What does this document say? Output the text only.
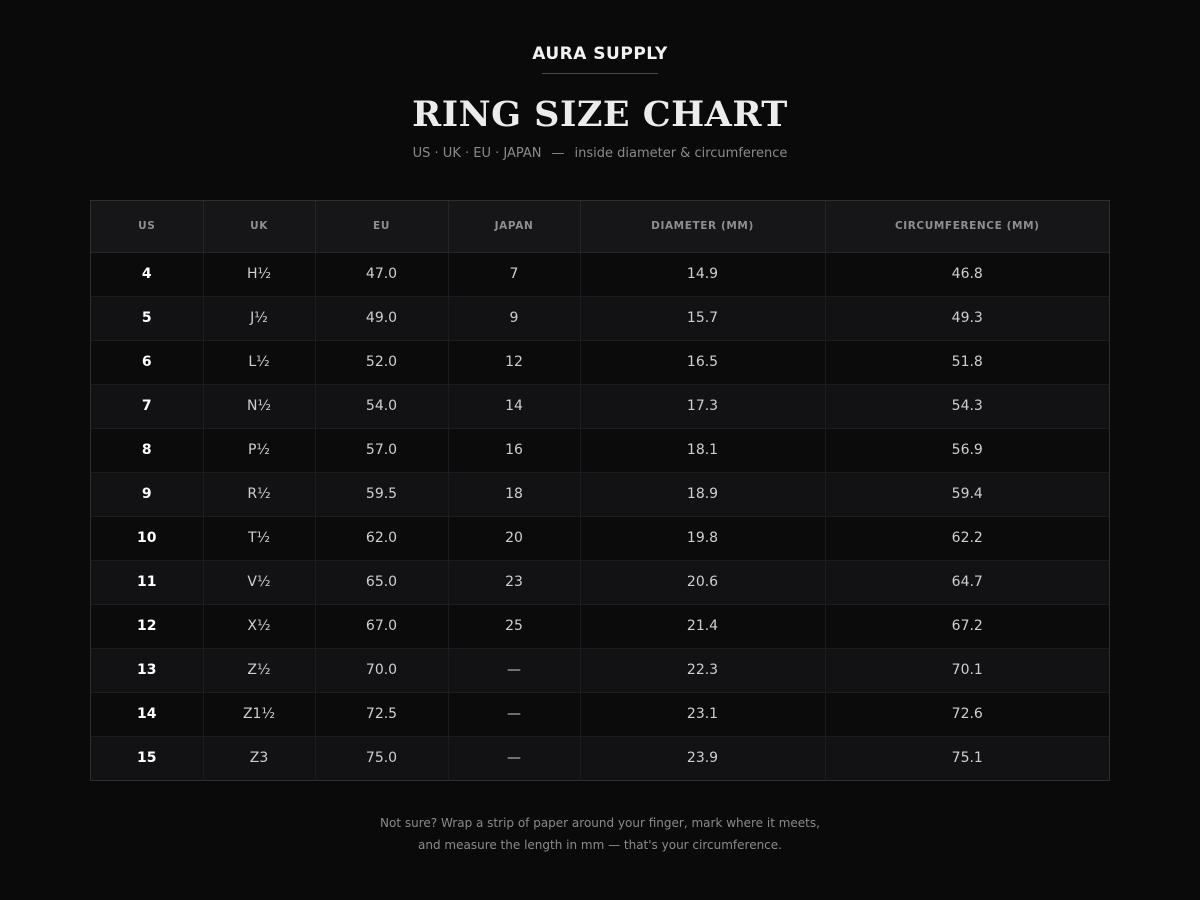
AURA SUPPLY
RING SIZE CHART
US · UK · EU · JAPAN — inside diameter & circumference
US	UK	EU	JAPAN	DIAMETER (MM)	CIRCUMFERENCE (MM)
4	H½	47.0	7	14.9	46.8
5	J½	49.0	9	15.7	49.3
6	L½	52.0	12	16.5	51.8
7	N½	54.0	14	17.3	54.3
8	P½	57.0	16	18.1	56.9
9	R½	59.5	18	18.9	59.4
10	T½	62.0	20	19.8	62.2
11	V½	65.0	23	20.6	64.7
12	X½	67.0	25	21.4	67.2
13	Z½	70.0	—	22.3	70.1
14	Z1½	72.5	—	23.1	72.6
15	Z3	75.0	—	23.9	75.1
Not sure? Wrap a strip of paper around your finger, mark where it meets,
and measure the length in mm — that's your circumference.
